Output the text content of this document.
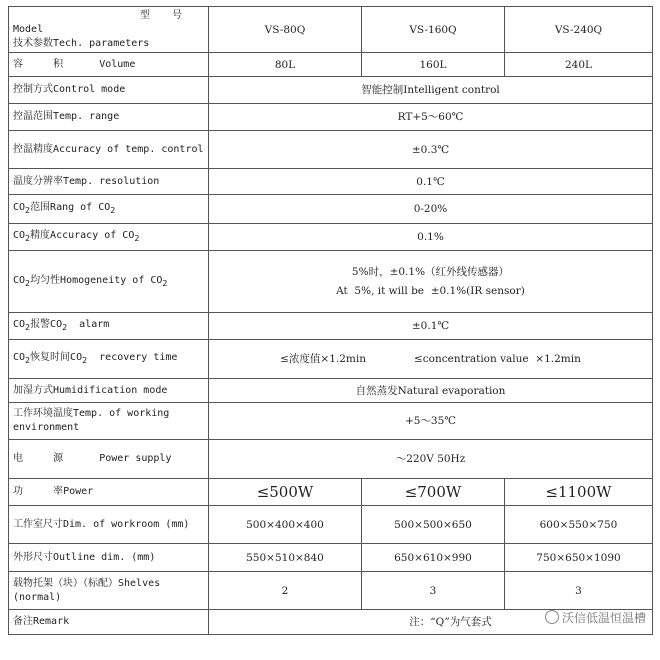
型号
Model
技术参数Tech. parameters	VS-80Q	VS-160Q	VS-240Q
容     积      Volume	80L	160L	240L
控制方式Control mode	智能控制Intelligent control		
控温范围Temp. range	RT+5～60℃		
控温精度Accuracy of temp. control	±0.3℃		
温度分辨率Temp. resolution	0.1℃		
$CO_2$范围Rang of $CO_2$	0-20%		
$CO_2$精度Accuracy of $CO_2$	0.1%		
$CO_2$均匀性Homogeneity of $CO_2$	5%时，±0.1%（红外线传感器）
At  5%, it will be  ±0.1%(IR sensor)		

$CO_2$报警$CO_2$  alarm	±0.1℃		
$CO_2$恢复时间$CO_2$  recovery time	≤浓度值×1.2min ≤concentration value  ×1.2min		

加湿方式Humidification mode	自然蒸发Natural evaporation		
工作环境温度Temp. of working environment	+5～35℃		
电     源      Power supply	～220V 50Hz		
功     率Power	≤500W	≤700W	≤1100W
工作室尺寸Dim. of workroom (mm)	500×400×400	500×500×650	600×550×750
外形尺寸Outline dim. (mm)	550×510×840	650×610×990	750×650×1090
载物托架（块）（标配）Shelves (normal)	2	3	3
备注Remark	注：“Q”为气套式 沃信低温恒温槽		
